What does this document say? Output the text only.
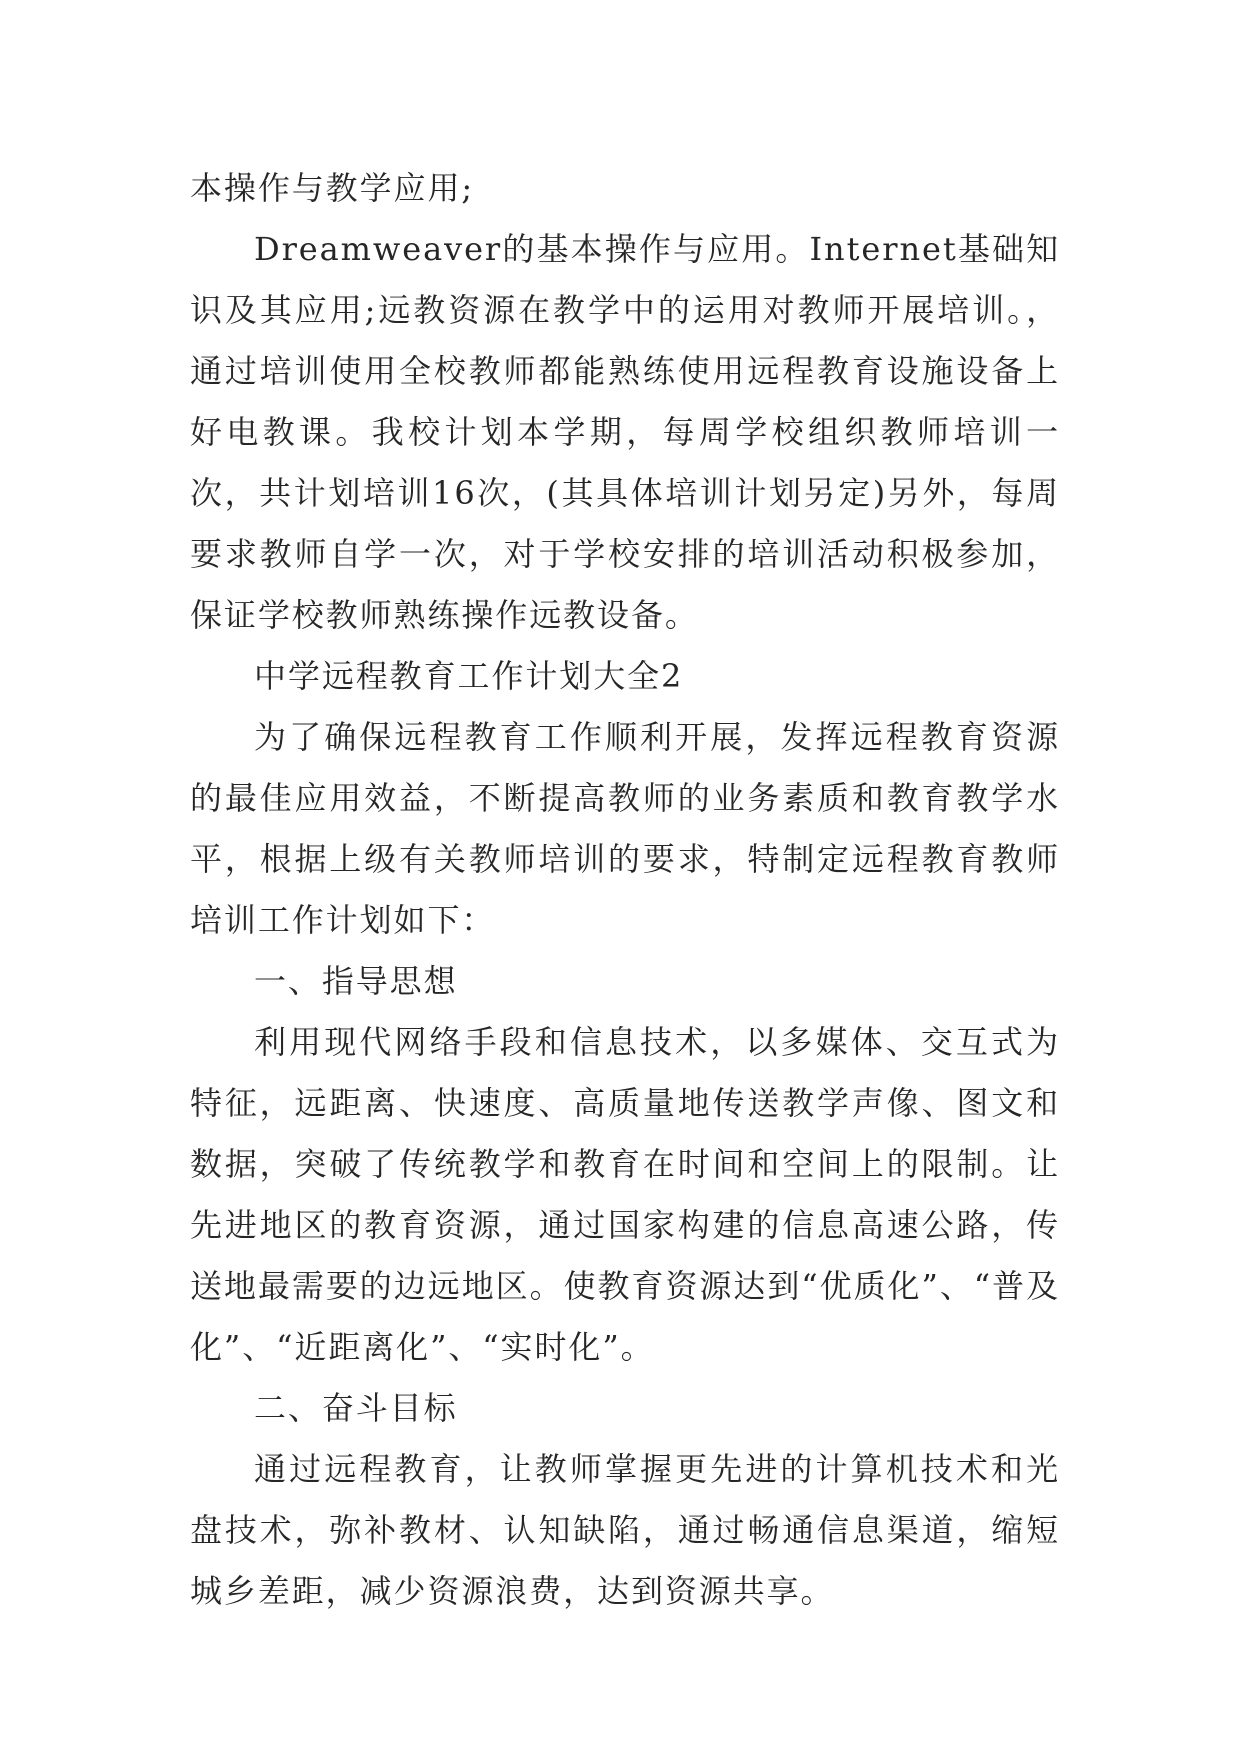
本操作与教学应用;

Dreamweaver的基本操作与应用。Internet基础知识及其应用;远教资源在教学中的运用对教师开展培训。，通过培训使用全校教师都能熟练使用远程教育设施设备上好电教课。我校计划本学期，每周学校组织教师培训一次，共计划培训16次，(其具体培训计划另定)另外，每周要求教师自学一次，对于学校安排的培训活动积极参加，保证学校教师熟练操作远教设备。

中学远程教育工作计划大全2

为了确保远程教育工作顺利开展，发挥远程教育资源的最佳应用效益，不断提高教师的业务素质和教育教学水平，根据上级有关教师培训的要求，特制定远程教育教师培训工作计划如下：

一、指导思想

利用现代网络手段和信息技术，以多媒体、交互式为特征，远距离、快速度、高质量地传送教学声像、图文和数据，突破了传统教学和教育在时间和空间上的限制。让先进地区的教育资源，通过国家构建的信息高速公路，传送地最需要的边远地区。使教育资源达到“优质化”、“普及化”、“近距离化”、“实时化”。

二、奋斗目标

通过远程教育，让教师掌握更先进的计算机技术和光盘技术，弥补教材、认知缺陷，通过畅通信息渠道，缩短城乡差距，减少资源浪费，达到资源共享。
